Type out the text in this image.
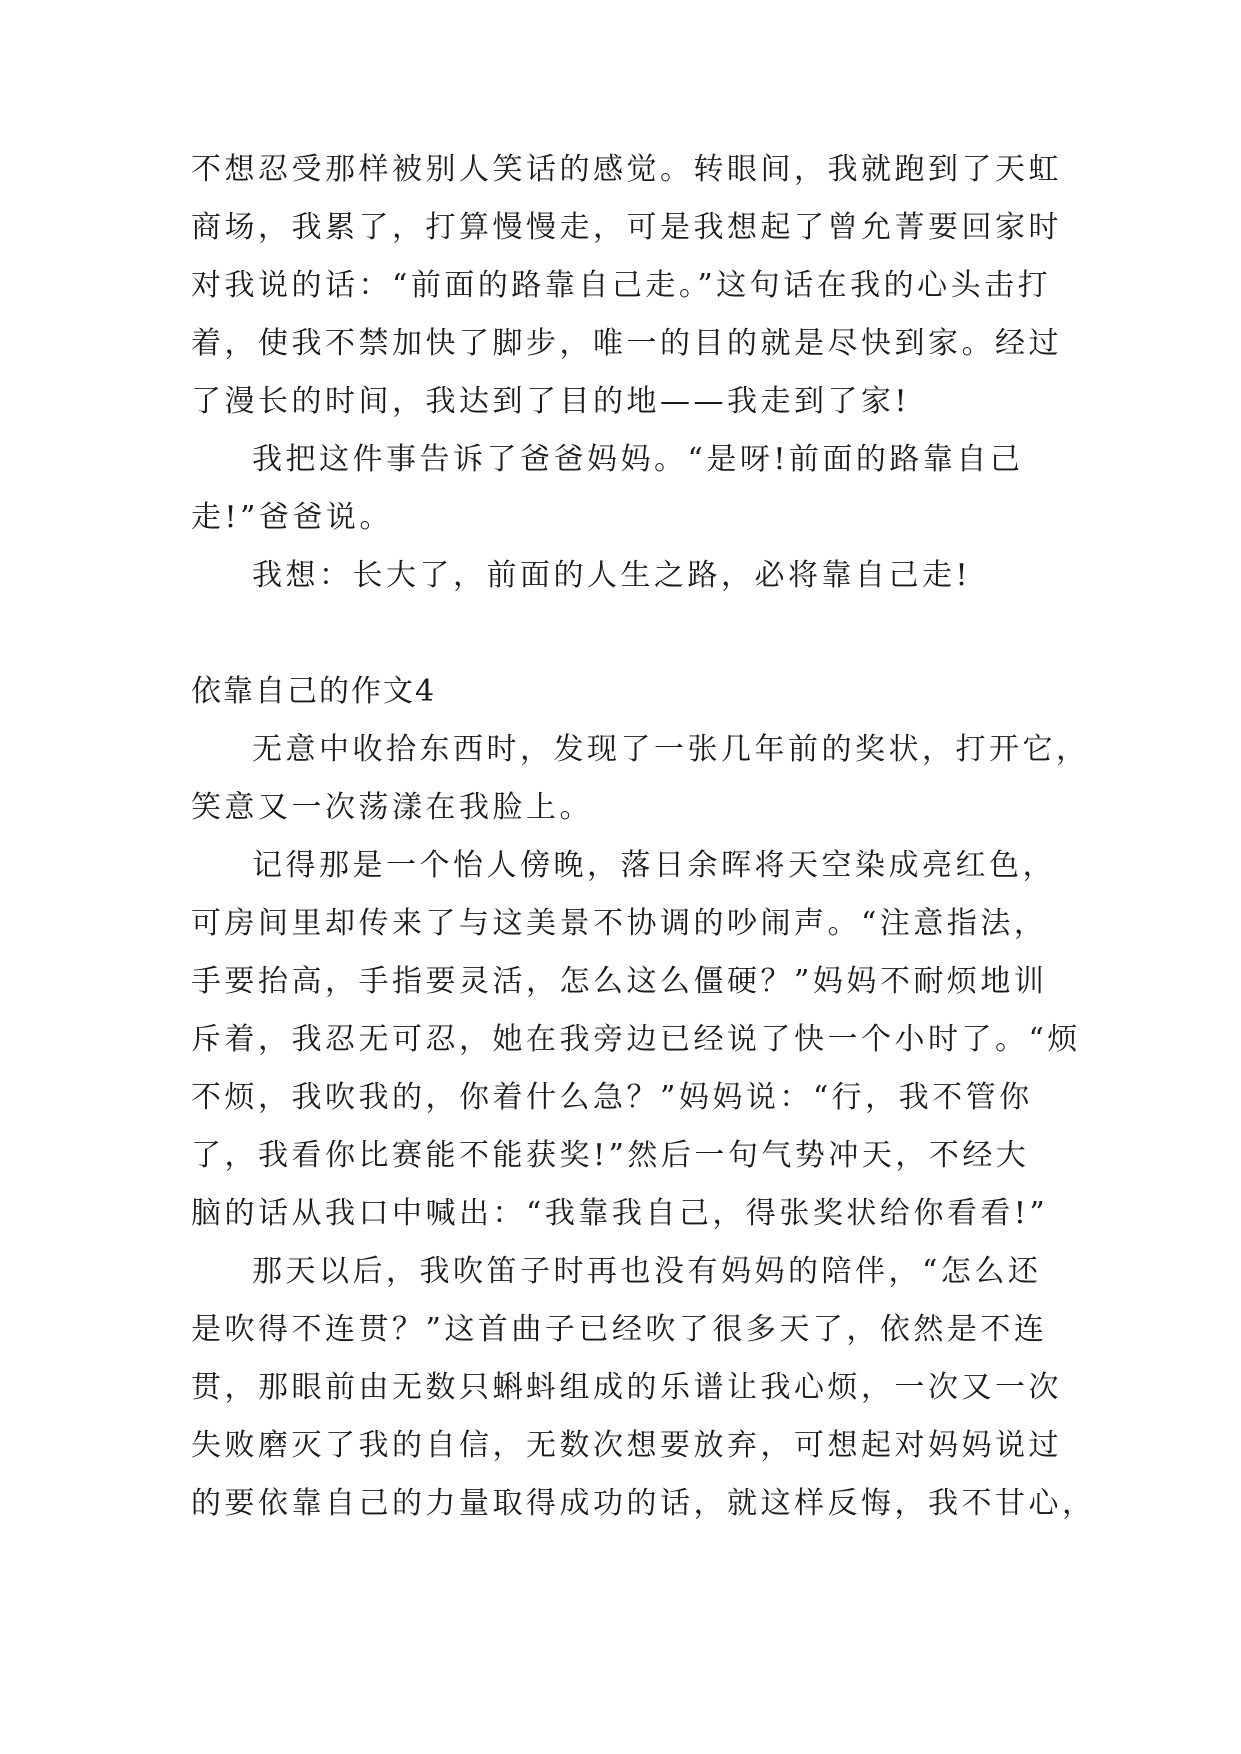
不想忍受那样被别人笑话的感觉。转眼间，我就跑到了天虹
商场，我累了，打算慢慢走，可是我想起了曾允菁要回家时
对我说的话：“前面的路靠自己走。”这句话在我的心头击打
着，使我不禁加快了脚步，唯一的目的就是尽快到家。经过
了漫长的时间，我达到了目的地——我走到了家!
我把这件事告诉了爸爸妈妈。“是呀!前面的路靠自己
走!”爸爸说。
我想：长大了，前面的人生之路，必将靠自己走!
依靠自己的作文4
无意中收拾东西时，发现了一张几年前的奖状，打开它，
笑意又一次荡漾在我脸上。
记得那是一个怡人傍晚，落日余晖将天空染成亮红色，
可房间里却传来了与这美景不协调的吵闹声。“注意指法，
手要抬高，手指要灵活，怎么这么僵硬？”妈妈不耐烦地训
斥着，我忍无可忍，她在我旁边已经说了快一个小时了。“烦
不烦，我吹我的，你着什么急？”妈妈说：“行，我不管你
了，我看你比赛能不能获奖!”然后一句气势冲天，不经大
脑的话从我口中喊出：“我靠我自己，得张奖状给你看看!”
那天以后，我吹笛子时再也没有妈妈的陪伴，“怎么还
是吹得不连贯？”这首曲子已经吹了很多天了，依然是不连
贯，那眼前由无数只蝌蚪组成的乐谱让我心烦，一次又一次
失败磨灭了我的自信，无数次想要放弃，可想起对妈妈说过
的要依靠自己的力量取得成功的话，就这样反悔，我不甘心，
